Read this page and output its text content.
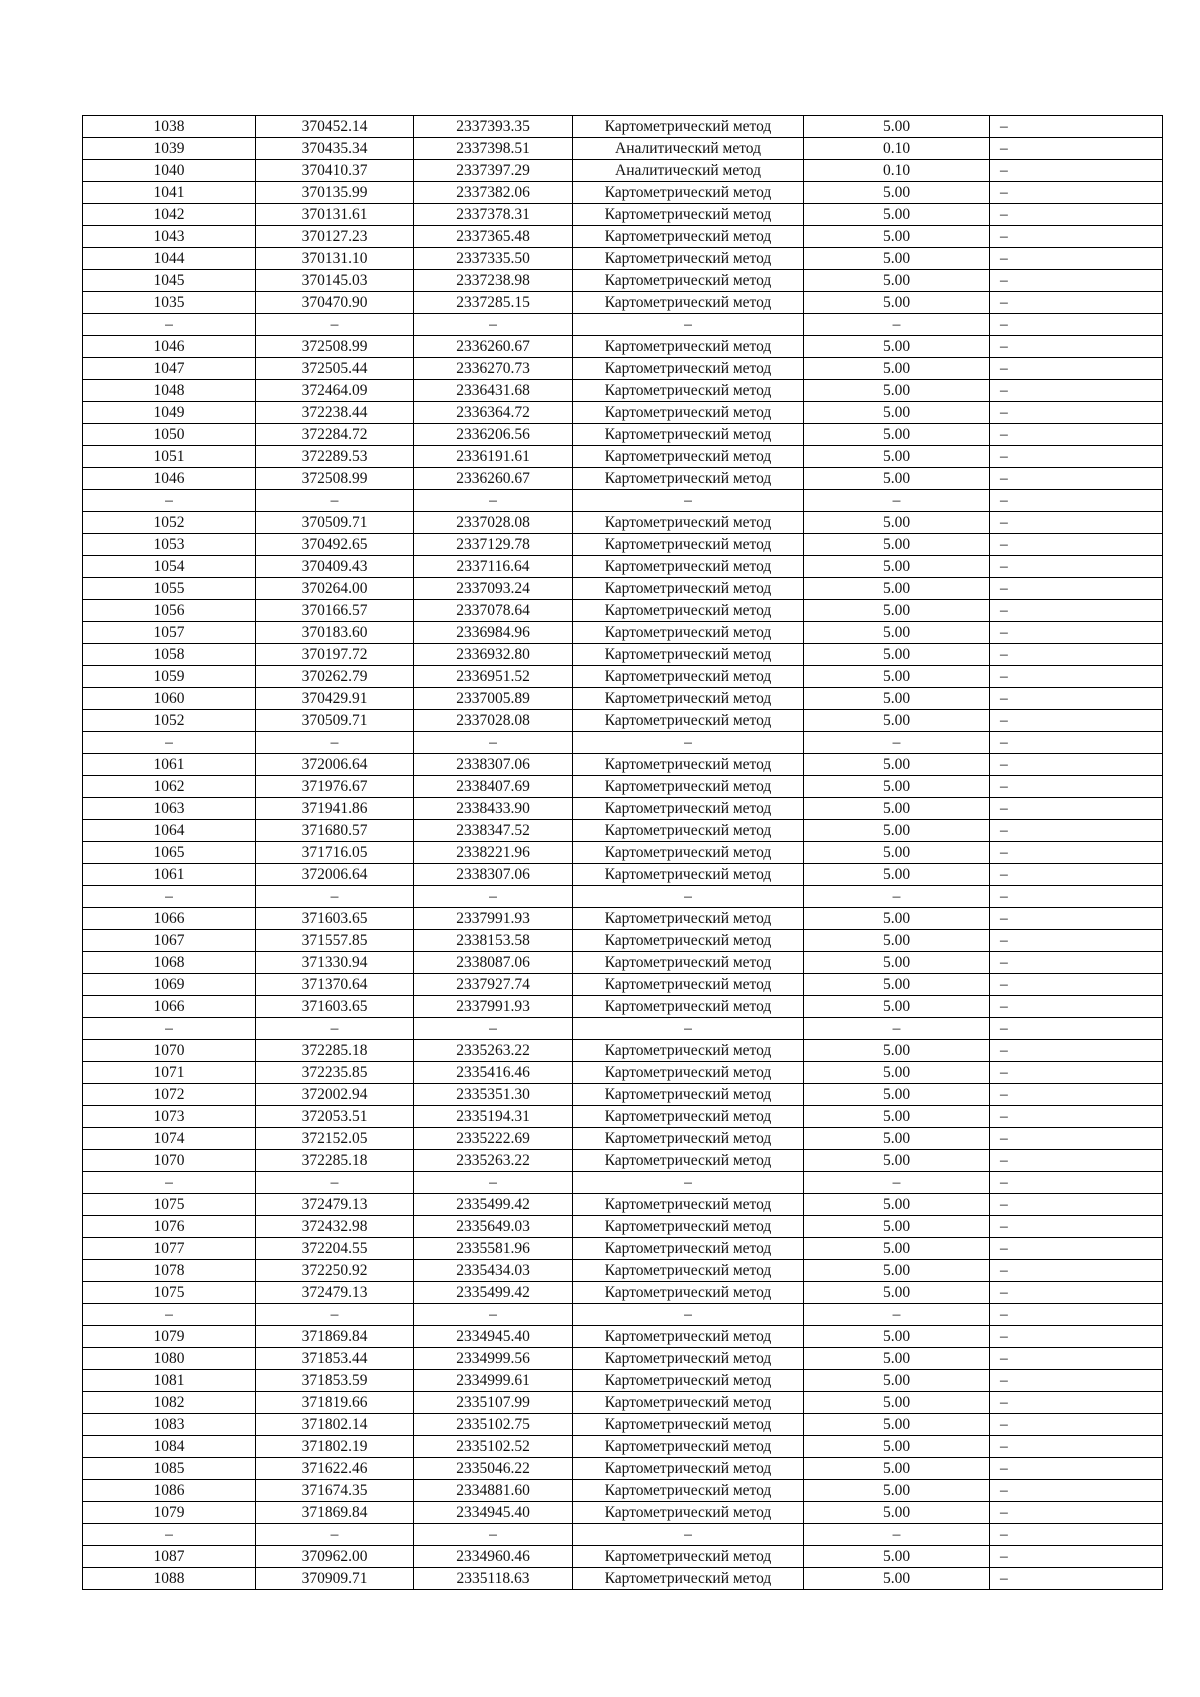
1038	370452.14	2337393.35	Картометрический метод	5.00	–
1039	370435.34	2337398.51	Аналитический метод	0.10	–
1040	370410.37	2337397.29	Аналитический метод	0.10	–
1041	370135.99	2337382.06	Картометрический метод	5.00	–
1042	370131.61	2337378.31	Картометрический метод	5.00	–
1043	370127.23	2337365.48	Картометрический метод	5.00	–
1044	370131.10	2337335.50	Картометрический метод	5.00	–
1045	370145.03	2337238.98	Картометрический метод	5.00	–
1035	370470.90	2337285.15	Картометрический метод	5.00	–
–	–	–	–	–	–
1046	372508.99	2336260.67	Картометрический метод	5.00	–
1047	372505.44	2336270.73	Картометрический метод	5.00	–
1048	372464.09	2336431.68	Картометрический метод	5.00	–
1049	372238.44	2336364.72	Картометрический метод	5.00	–
1050	372284.72	2336206.56	Картометрический метод	5.00	–
1051	372289.53	2336191.61	Картометрический метод	5.00	–
1046	372508.99	2336260.67	Картометрический метод	5.00	–
–	–	–	–	–	–
1052	370509.71	2337028.08	Картометрический метод	5.00	–
1053	370492.65	2337129.78	Картометрический метод	5.00	–
1054	370409.43	2337116.64	Картометрический метод	5.00	–
1055	370264.00	2337093.24	Картометрический метод	5.00	–
1056	370166.57	2337078.64	Картометрический метод	5.00	–
1057	370183.60	2336984.96	Картометрический метод	5.00	–
1058	370197.72	2336932.80	Картометрический метод	5.00	–
1059	370262.79	2336951.52	Картометрический метод	5.00	–
1060	370429.91	2337005.89	Картометрический метод	5.00	–
1052	370509.71	2337028.08	Картометрический метод	5.00	–
–	–	–	–	–	–
1061	372006.64	2338307.06	Картометрический метод	5.00	–
1062	371976.67	2338407.69	Картометрический метод	5.00	–
1063	371941.86	2338433.90	Картометрический метод	5.00	–
1064	371680.57	2338347.52	Картометрический метод	5.00	–
1065	371716.05	2338221.96	Картометрический метод	5.00	–
1061	372006.64	2338307.06	Картометрический метод	5.00	–
–	–	–	–	–	–
1066	371603.65	2337991.93	Картометрический метод	5.00	–
1067	371557.85	2338153.58	Картометрический метод	5.00	–
1068	371330.94	2338087.06	Картометрический метод	5.00	–
1069	371370.64	2337927.74	Картометрический метод	5.00	–
1066	371603.65	2337991.93	Картометрический метод	5.00	–
–	–	–	–	–	–
1070	372285.18	2335263.22	Картометрический метод	5.00	–
1071	372235.85	2335416.46	Картометрический метод	5.00	–
1072	372002.94	2335351.30	Картометрический метод	5.00	–
1073	372053.51	2335194.31	Картометрический метод	5.00	–
1074	372152.05	2335222.69	Картометрический метод	5.00	–
1070	372285.18	2335263.22	Картометрический метод	5.00	–
–	–	–	–	–	–
1075	372479.13	2335499.42	Картометрический метод	5.00	–
1076	372432.98	2335649.03	Картометрический метод	5.00	–
1077	372204.55	2335581.96	Картометрический метод	5.00	–
1078	372250.92	2335434.03	Картометрический метод	5.00	–
1075	372479.13	2335499.42	Картометрический метод	5.00	–
–	–	–	–	–	–
1079	371869.84	2334945.40	Картометрический метод	5.00	–
1080	371853.44	2334999.56	Картометрический метод	5.00	–
1081	371853.59	2334999.61	Картометрический метод	5.00	–
1082	371819.66	2335107.99	Картометрический метод	5.00	–
1083	371802.14	2335102.75	Картометрический метод	5.00	–
1084	371802.19	2335102.52	Картометрический метод	5.00	–
1085	371622.46	2335046.22	Картометрический метод	5.00	–
1086	371674.35	2334881.60	Картометрический метод	5.00	–
1079	371869.84	2334945.40	Картометрический метод	5.00	–
–	–	–	–	–	–
1087	370962.00	2334960.46	Картометрический метод	5.00	–
1088	370909.71	2335118.63	Картометрический метод	5.00	–
